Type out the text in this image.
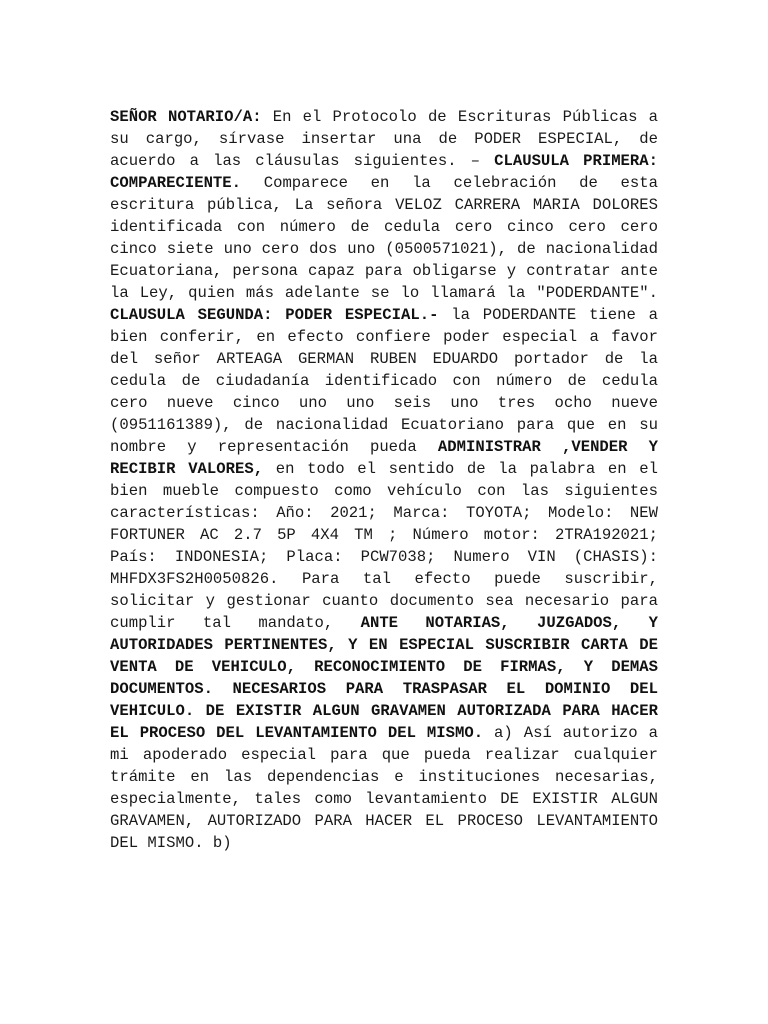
SEÑOR NOTARIO/A: En el Protocolo de Escrituras Públicas a su cargo, sírvase insertar una de PODER ESPECIAL, de acuerdo a las cláusulas siguientes. – CLAUSULA PRIMERA: COMPARECIENTE. Comparece en la celebración de esta escritura pública, La señora VELOZ CARRERA MARIA DOLORES identificada con número de cedula cero cinco cero cero cinco siete uno cero dos uno (0500571021), de nacionalidad Ecuatoriana, persona capaz para obligarse y contratar ante la Ley, quien más adelante se lo llamará la "PODERDANTE". CLAUSULA SEGUNDA: PODER ESPECIAL.- la PODERDANTE tiene a bien conferir, en efecto confiere poder especial a favor del señor ARTEAGA GERMAN RUBEN EDUARDO portador de la cedula de ciudadanía identificado con número de cedula cero nueve cinco uno uno seis uno tres ocho nueve (0951161389), de nacionalidad Ecuatoriano para que en su nombre y representación pueda ADMINISTRAR ,VENDER Y RECIBIR VALORES, en todo el sentido de la palabra en el bien mueble compuesto como vehículo con las siguientes características: Año: 2021; Marca: TOYOTA; Modelo: NEW FORTUNER AC 2.7 5P 4X4 TM ; Número motor: 2TRA192021; País: INDONESIA; Placa: PCW7038; Numero VIN (CHASIS): MHFDX3FS2H0050826. Para tal efecto puede suscribir, solicitar y gestionar cuanto documento sea necesario para cumplir tal mandato, ANTE NOTARIAS, JUZGADOS, Y AUTORIDADES PERTINENTES, Y EN ESPECIAL SUSCRIBIR CARTA DE VENTA DE VEHICULO, RECONOCIMIENTO DE FIRMAS, Y DEMAS DOCUMENTOS. NECESARIOS PARA TRASPASAR EL DOMINIO DEL VEHICULO. DE EXISTIR ALGUN GRAVAMEN AUTORIZADA PARA HACER EL PROCESO DEL LEVANTAMIENTO DEL MISMO. a) Así autorizo a mi apoderado especial para que pueda realizar cualquier trámite en las dependencias e instituciones necesarias, especialmente, tales como levantamiento DE EXISTIR ALGUN GRAVAMEN, AUTORIZADO PARA HACER EL PROCESO LEVANTAMIENTO DEL MISMO. b)
